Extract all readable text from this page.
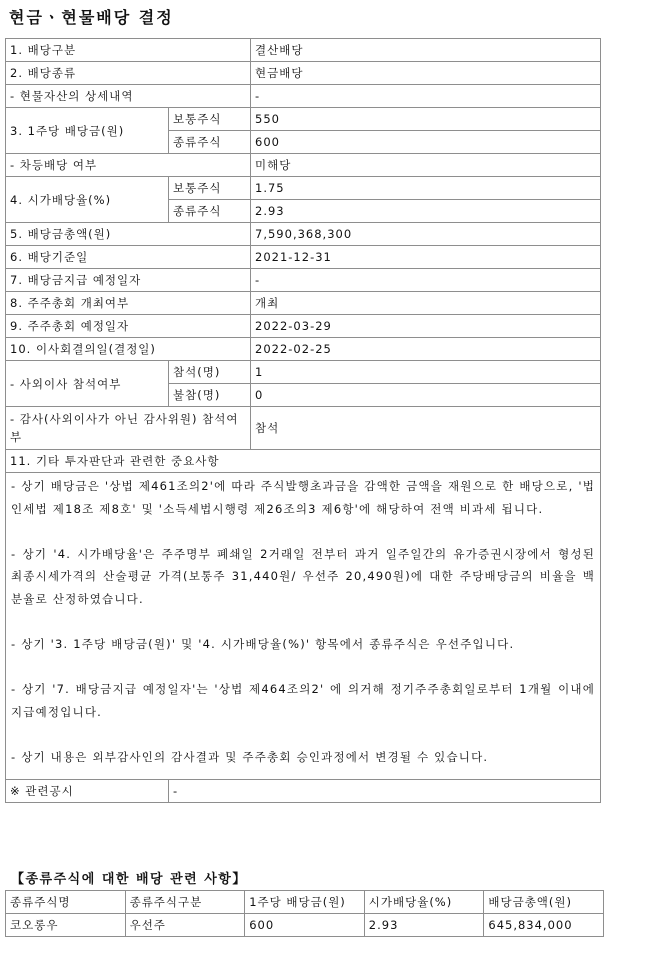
현금ㆍ현물배당 결정
1. 배당구분		결산배당
2. 배당종류		현금배당
- 현물자산의 상세내역		-
3. 1주당 배당금(원)	보통주식	550
	종류주식	600
- 차등배당 여부		미해당
4. 시가배당율(%)	보통주식	1.75
	종류주식	2.93
5. 배당금총액(원)		7,590,368,300
6. 배당기준일		2021-12-31
7. 배당금지급 예정일자		-
8. 주주총회 개최여부		개최
9. 주주총회 예정일자		2022-03-29
10. 이사회결의일(결정일)		2022-02-25
- 사외이사 참석여부	참석(명)	1
	불참(명)	0
- 감사(사외이사가 아닌 감사위원) 참석여부		참석
11. 기타 투자판단과 관련한 중요사항		

- 상기 배당금은 '상법 제461조의2'에 따라 주식발행초과금을 감액한 금액을 재원으로 한 배당으로, '법인세법 제18조 제8호' 및 '소득세법시행령 제26조의3 제6항'에 해당하여 전액 비과세 됩니다.

- 상기 '4. 시가배당율'은 주주명부 폐쇄일 2거래일 전부터 과거 일주일간의 유가증권시장에서 형성된 최종시세가격의 산술평균 가격(보통주 31,440원/ 우선주 20,490원)에 대한 주당배당금의 비율을 백분율로 산정하였습니다.

- 상기 '3. 1주당 배당금(원)' 및 '4. 시가배당율(%)' 항목에서 종류주식은 우선주입니다.

- 상기 '7. 배당금지급 예정일자'는 '상법 제464조의2' 에 의거해 정기주주총회일로부터 1개월 이내에 지급예정입니다.

- 상기 내용은 외부감사인의 감사결과 및 주주총회 승인과정에서 변경될 수 있습니다.		

※ 관련공시	-	
【종류주식에 대한 배당 관련 사항】
종류주식명	종류주식구분	1주당 배당금(원)	시가배당율(%)	배당금총액(원)
코오롱우	우선주	600	2.93	645,834,000
